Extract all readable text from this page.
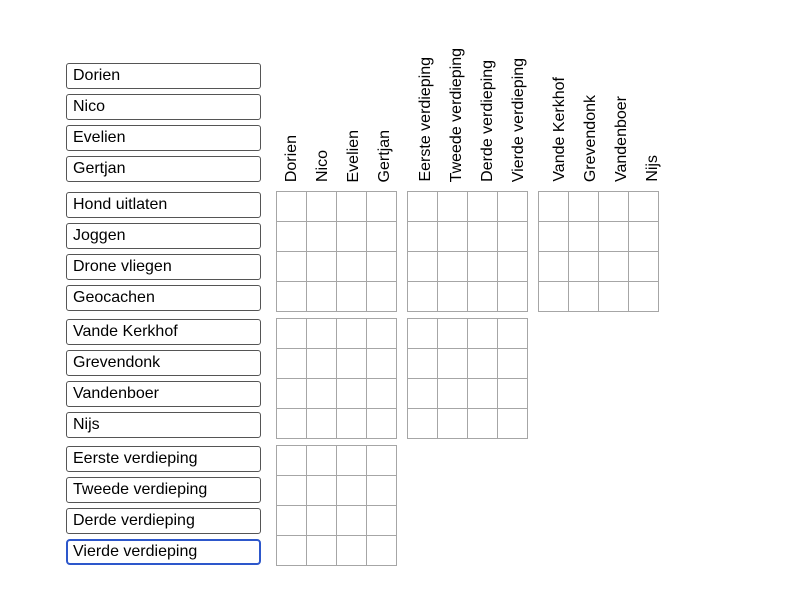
Dorien
Nico
Evelien
Gertjan	Dorien Nico Evelien Gertjan Eerste verdieping Tweede verdieping Derde verdieping Vierde verdieping Vande Kerkhof Grevendonk Vandenboer Nijs
Hond uitlaten
Joggen
Drone vliegen
Geocachen

Vande Kerkhof
Grevendonk
Vandenboer
Nijs

Eerste verdieping
Tweede verdieping
Derde verdieping
Vierde verdieping
